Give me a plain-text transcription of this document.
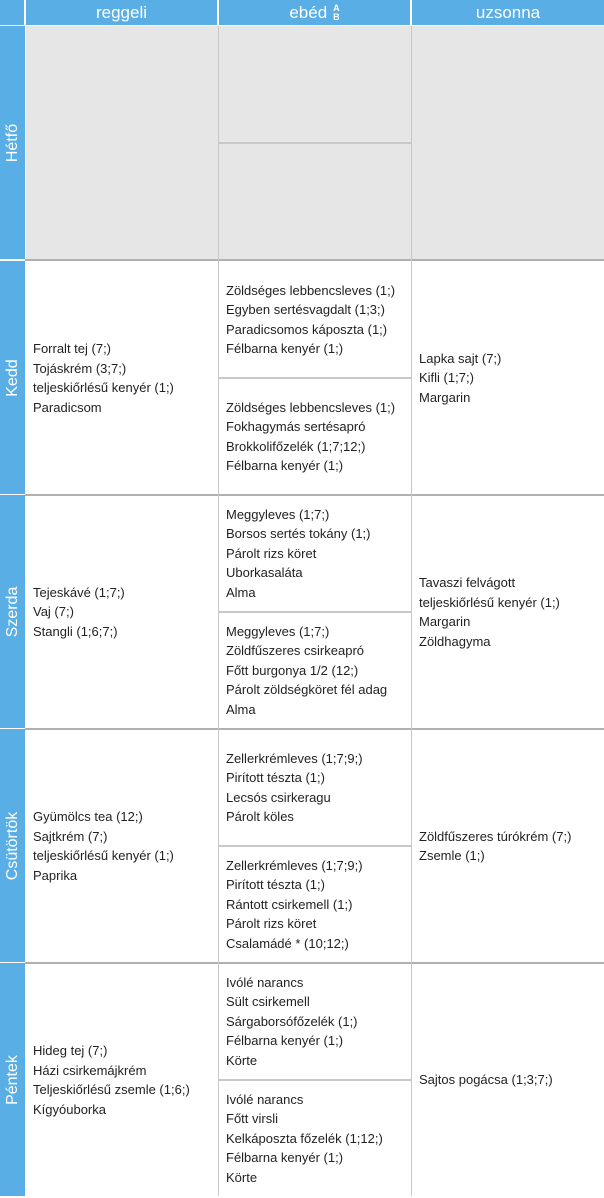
reggeli	ebéd A
B	uzsonna
Hétfő
Kedd
Forralt tej (7;)
Tojáskrém (3;7;)
teljeskiőrlésű kenyér (1;)
Paradicsom
Zöldséges lebbencsleves (1;)
Egyben sertésvagdalt (1;3;)
Paradicsomos káposzta (1;)
Félbarna kenyér (1;)
Zöldséges lebbencsleves (1;)
Fokhagymás sertésapró
Brokkolifőzelék (1;7;12;)
Félbarna kenyér (1;)
Lapka sajt (7;)
Kifli (1;7;)
Margarin
Szerda Tejeskávé (1;7;)
Vaj (7;)
Stangli (1;6;7;)
Meggyleves (1;7;)
Borsos sertés tokány (1;)
Párolt rizs köret
Uborkasaláta
Alma
Meggyleves (1;7;)
Zöldfűszeres csirkeapró
Főtt burgonya 1/2 (12;)
Párolt zöldségköret fél adag
Alma
Tavaszi felvágott
teljeskiőrlésű kenyér (1;)
Margarin
Zöldhagyma
Csütörtök Gyümölcs tea (12;)
Sajtkrém (7;)
teljeskiőrlésű kenyér (1;)
Paprika
Zellerkrémleves (1;7;9;)
Pirított tészta (1;)
Lecsós csirkeragu
Párolt köles
Zellerkrémleves (1;7;9;)
Pirított tészta (1;)
Rántott csirkemell (1;)
Párolt rizs köret
Csalamádé * (10;12;)
Zöldfűszeres túrókrém (7;)
Zsemle (1;)
Péntek
Hideg tej (7;)
Házi csirkemájkrém
Teljeskiőrlésű zsemle (1;6;)
Kígyóuborka
Ivólé narancs
Sült csirkemell
Sárgaborsófőzelék (1;)
Félbarna kenyér (1;)
Körte
Ivólé narancs
Főtt virsli
Kelkáposzta főzelék (1;12;)
Félbarna kenyér (1;)
Körte
Sajtos pogácsa (1;3;7;)
